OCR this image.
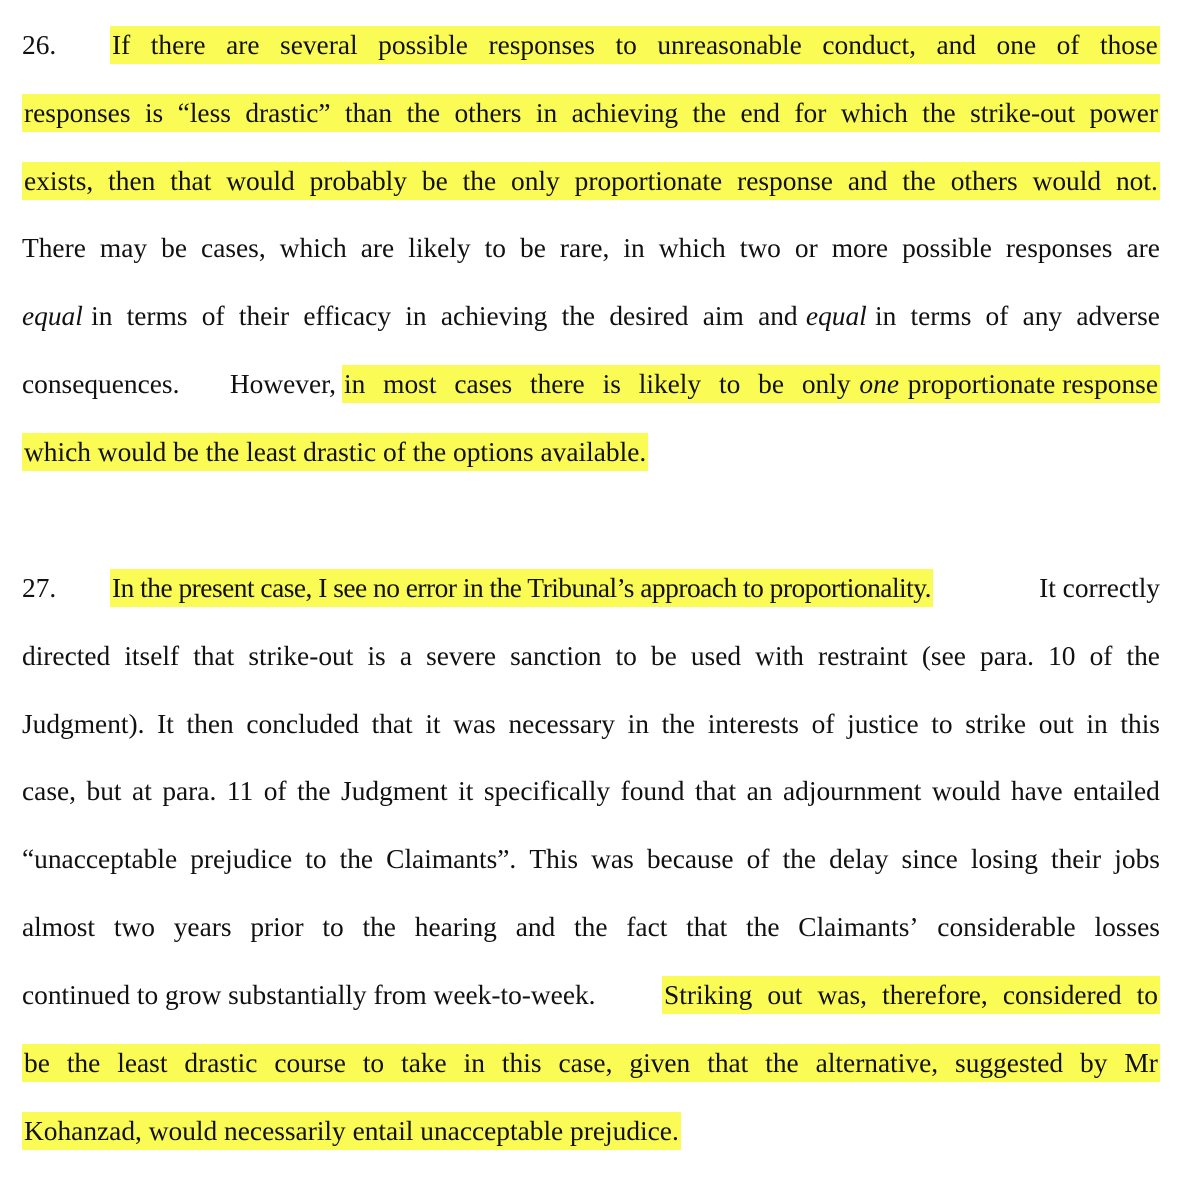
26.	If there are several possible responses to unreasonable conduct, and one of those
responses is “less drastic” than the others in achieving the end for which the strike-out power
exists, then that would probably be the only proportionate response and the others would not.
There may be cases, which are likely to be rare, in which two or more possible responses are
equal in terms of their efficacy in achieving the desired aim and equal in terms of any adverse
consequences. However, in most cases there is likely to be only one proportionate response
which would be the least drastic of the options available.
27.	In the present case, I see no error in the Tribunal’s approach to proportionality.	It correctly
directed itself that strike-out is a severe sanction to be used with restraint (see para. 10 of the
Judgment). It then concluded that it was necessary in the interests of justice to strike out in this
case, but at para. 11 of the Judgment it specifically found that an adjournment would have entailed
“unacceptable prejudice to the Claimants”. This was because of the delay since losing their jobs
almost two years prior to the hearing and the fact that the Claimants’ considerable losses
continued to grow substantially from week-to-week. Striking out was, therefore, considered to
be the least drastic course to take in this case, given that the alternative, suggested by Mr
Kohanzad, would necessarily entail unacceptable prejudice.
